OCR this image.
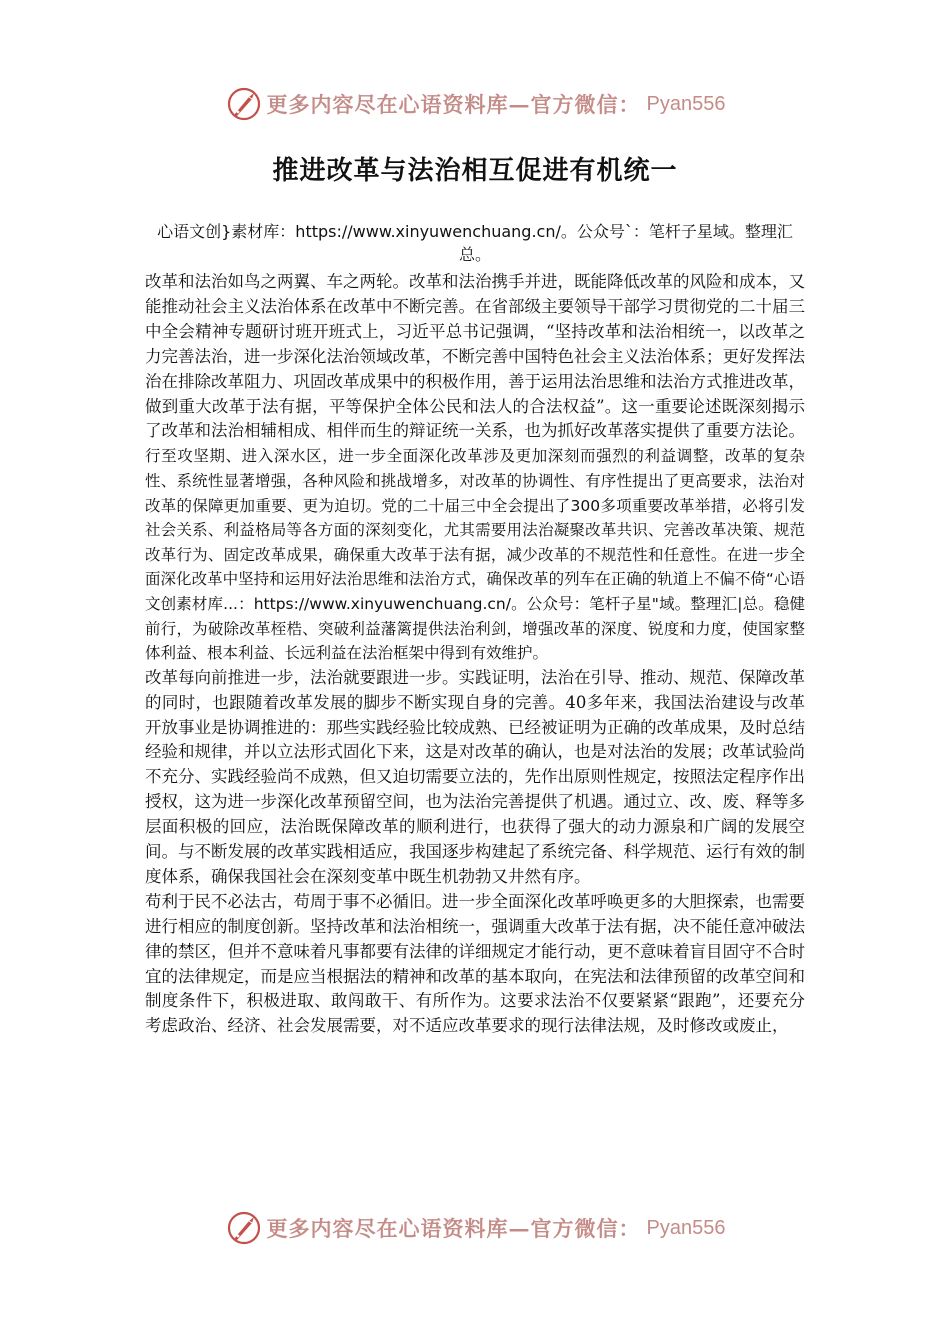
更多内容尽在心语资料库—官方微信： Pyan556
推进改革与法治相互促进有机统一
心语文创}素材库：https://www.xinyuwenchuang.cn/。公众号`：笔杆子星域。整理汇总。

改革和法治如鸟之两翼、车之两轮。改革和法治携手并进，既能降低改革的风险和成本，又能推动社会主义法治体系在改革中不断完善。在省部级主要领导干部学习贯彻党的二十届三中全会精神专题研讨班开班式上，习近平总书记强调，“坚持改革和法治相统一，以改革之力完善法治，进一步深化法治领域改革，不断完善中国特色社会主义法治体系；更好发挥法治在排除改革阻力、巩固改革成果中的积极作用，善于运用法治思维和法治方式推进改革，做到重大改革于法有据，平等保护全体公民和法人的合法权益”。这一重要论述既深刻揭示了改革和法治相辅相成、相伴而生的辩证统一关系，也为抓好改革落实提供了重要方法论。

行至攻坚期、进入深水区，进一步全面深化改革涉及更加深刻而强烈的利益调整，改革的复杂性、系统性显著增强，各种风险和挑战增多，对改革的协调性、有序性提出了更高要求，法治对改革的保障更加重要、更为迫切。党的二十届三中全会提出了300多项重要改革举措，必将引发社会关系、利益格局等各方面的深刻变化，尤其需要用法治凝聚改革共识、完善改革决策、规范改革行为、固定改革成果，确保重大改革于法有据，减少改革的不规范性和任意性。在进一步全面深化改革中坚持和运用好法治思维和法治方式，确保改革的列车在正确的轨道上不偏不倚“心语文创素材库...：https://www.xinyuwenchuang.cn/。公众号：笔杆子星"域。整理汇|总。稳健前行，为破除改革桎梏、突破利益藩篱提供法治利剑，增强改革的深度、锐度和力度，使国家整体利益、根本利益、长远利益在法治框架中得到有效维护。

改革每向前推进一步，法治就要跟进一步。实践证明，法治在引导、推动、规范、保障改革的同时，也跟随着改革发展的脚步不断实现自身的完善。40多年来，我国法治建设与改革开放事业是协调推进的：那些实践经验比较成熟、已经被证明为正确的改革成果，及时总结经验和规律，并以立法形式固化下来，这是对改革的确认，也是对法治的发展；改革试验尚不充分、实践经验尚不成熟，但又迫切需要立法的，先作出原则性规定，按照法定程序作出授权，这为进一步深化改革预留空间，也为法治完善提供了机遇。通过立、改、废、释等多层面积极的回应，法治既保障改革的顺利进行，也获得了强大的动力源泉和广阔的发展空间。与不断发展的改革实践相适应，我国逐步构建起了系统完备、科学规范、运行有效的制度体系，确保我国社会在深刻变革中既生机勃勃又井然有序。

苟利于民不必法古，苟周于事不必循旧。进一步全面深化改革呼唤更多的大胆探索，也需要进行相应的制度创新。坚持改革和法治相统一，强调重大改革于法有据，决不能任意冲破法律的禁区，但并不意味着凡事都要有法律的详细规定才能行动，更不意味着盲目固守不合时宜的法律规定，而是应当根据法的精神和改革的基本取向，在宪法和法律预留的改革空间和制度条件下，积极进取、敢闯敢干、有所作为。这要求法治不仅要紧紧“跟跑”，还要充分考虑政治、经济、社会发展需要，对不适应改革要求的现行法律法规，及时修改或废止，

更多内容尽在心语资料库—官方微信： Pyan556
